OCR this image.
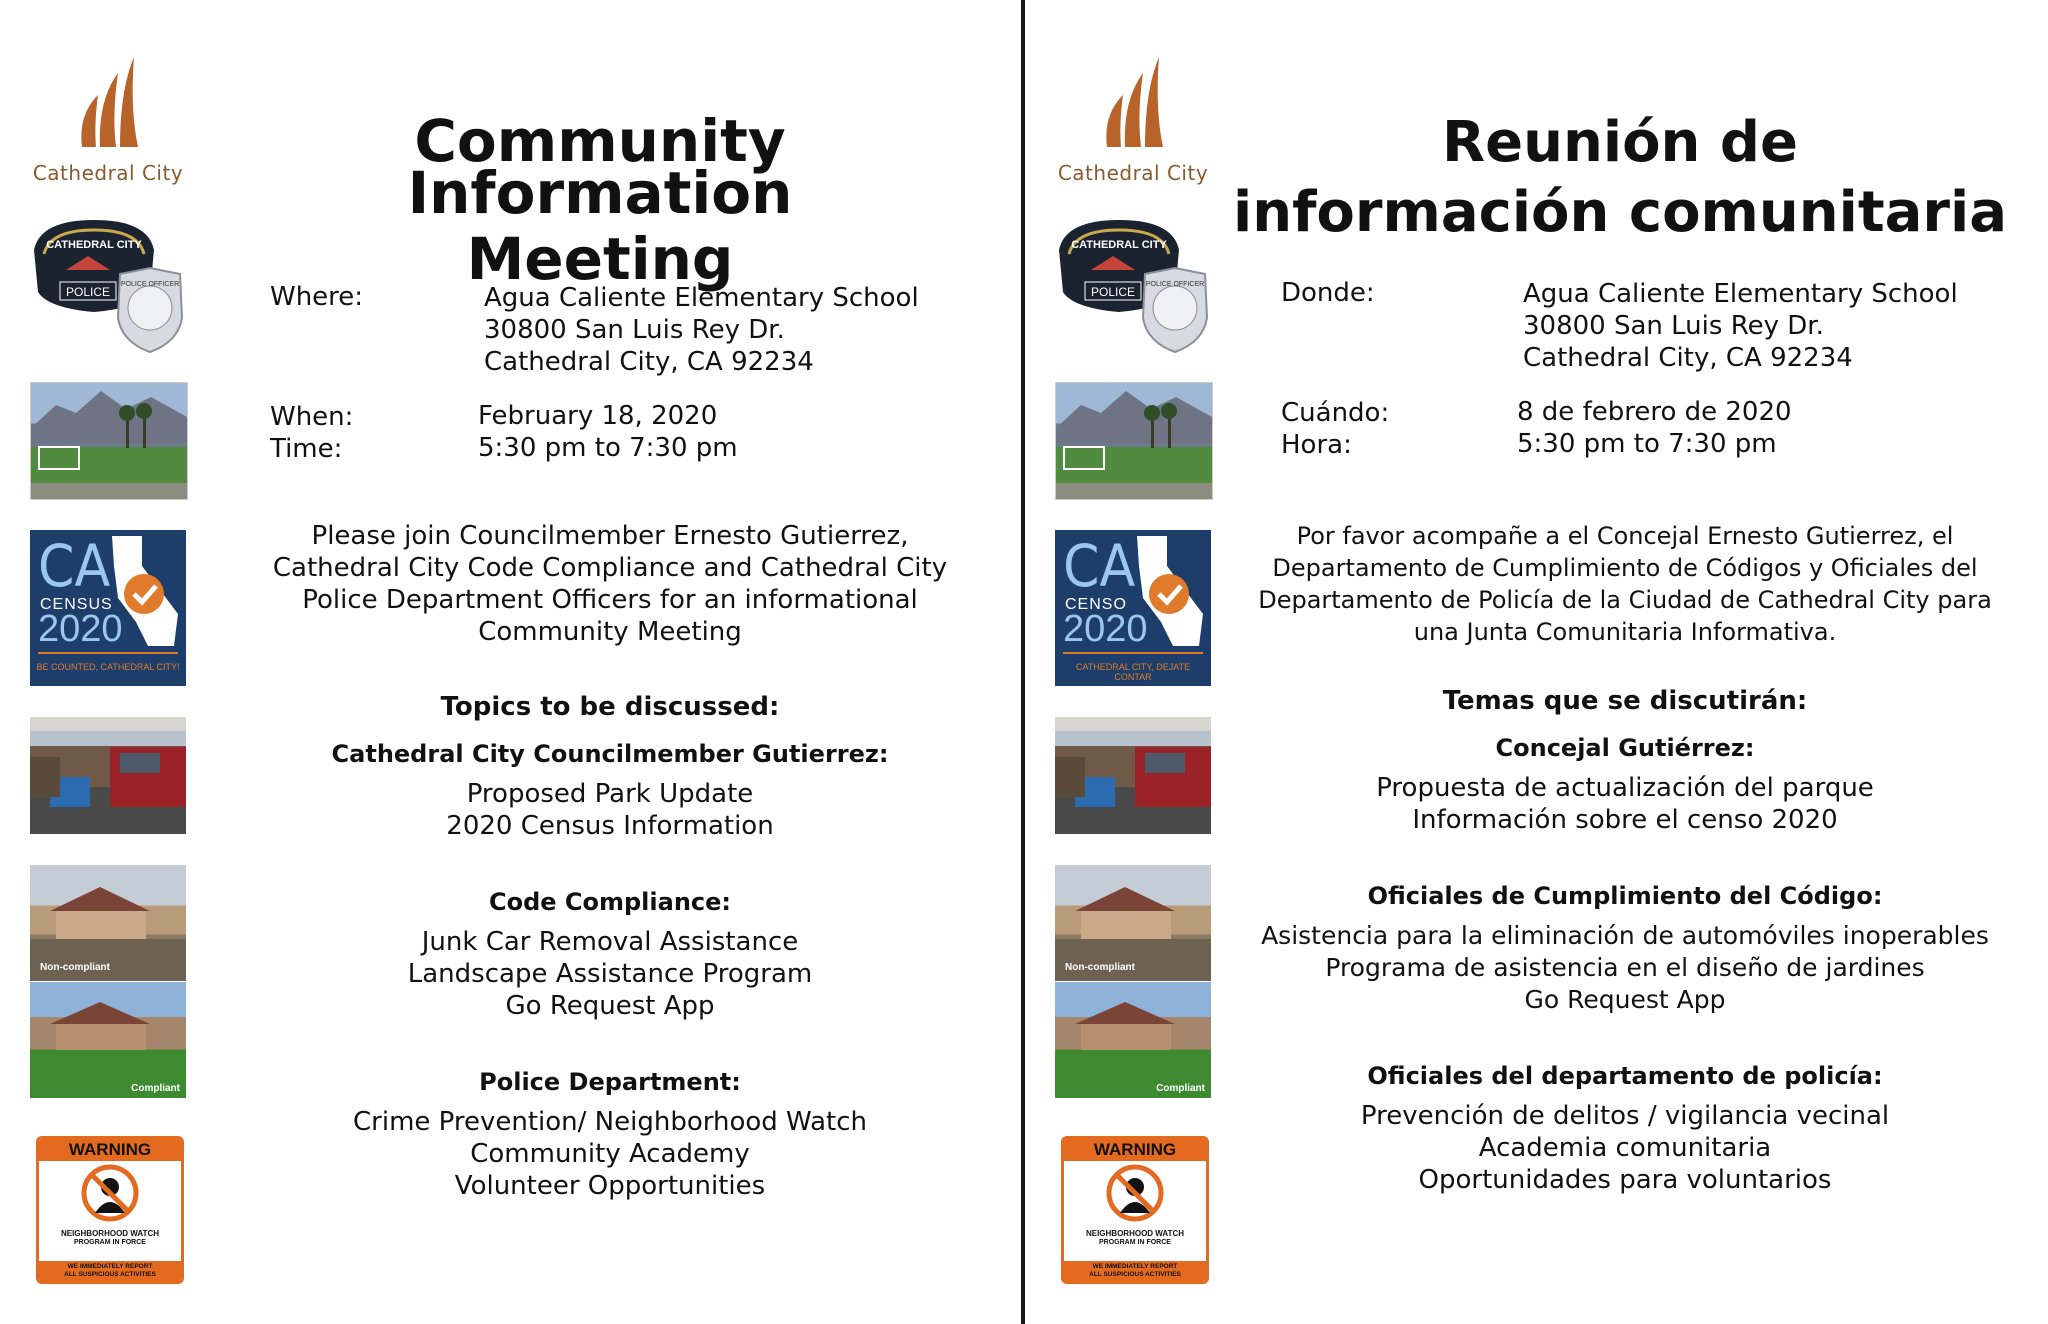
Cathedral City
CATHEDRAL CITY
POLICE
POLICE OFFICER
CA
CENSUS
2020
BE COUNTED, CATHEDRAL CITY!
Non-compliant
Compliant
WARNING
NEIGHBORHOOD WATCH
PROGRAM IN FORCE
WE IMMEDIATELY REPORT
ALL SUSPICIOUS ACTIVITIES
Community
Information Meeting
Where:	Agua Caliente Elementary School
30800 San Luis Rey Dr.
Cathedral City, CA 92234
When:	February 18, 2020
Time:	5:30 pm to 7:30 pm
Please join Councilmember Ernesto Gutierrez,
Cathedral City Code Compliance and Cathedral City
Police Department Officers for an informational
Community Meeting
Topics to be discussed:
Cathedral City Councilmember Gutierrez:
Proposed Park Update
2020 Census Information
Code Compliance:
Junk Car Removal Assistance
Landscape Assistance Program
Go Request App
Police Department:
Crime Prevention/ Neighborhood Watch
Community Academy
Volunteer Opportunities
Cathedral City
CATHEDRAL CITY
POLICE
POLICE OFFICER
CA
CENSO
2020
CATHEDRAL CITY, DEJATE CONTAR
Non-compliant
Compliant
WARNING
NEIGHBORHOOD WATCH
PROGRAM IN FORCE
WE IMMEDIATELY REPORT
ALL SUSPICIOUS ACTIVITIES
Reunión de
información comunitaria
Donde:	Agua Caliente Elementary School
30800 San Luis Rey Dr.
Cathedral City, CA 92234
Cuándo:	8 de febrero de 2020
Hora:	5:30 pm to 7:30 pm
Por favor acompañe a el Concejal Ernesto Gutierrez, el
Departamento de Cumplimiento de Códigos y Oficiales del
Departamento de Policía de la Ciudad de Cathedral City para
una Junta Comunitaria Informativa.
Temas que se discutirán:
Concejal Gutiérrez:
Propuesta de actualización del parque
Información sobre el censo 2020
Oficiales de Cumplimiento del Código:
Asistencia para la eliminación de automóviles inoperables
Programa de asistencia en el diseño de jardines
Go Request App
Oficiales del departamento de policía:
Prevención de delitos / vigilancia vecinal
Academia comunitaria
Oportunidades para voluntarios
